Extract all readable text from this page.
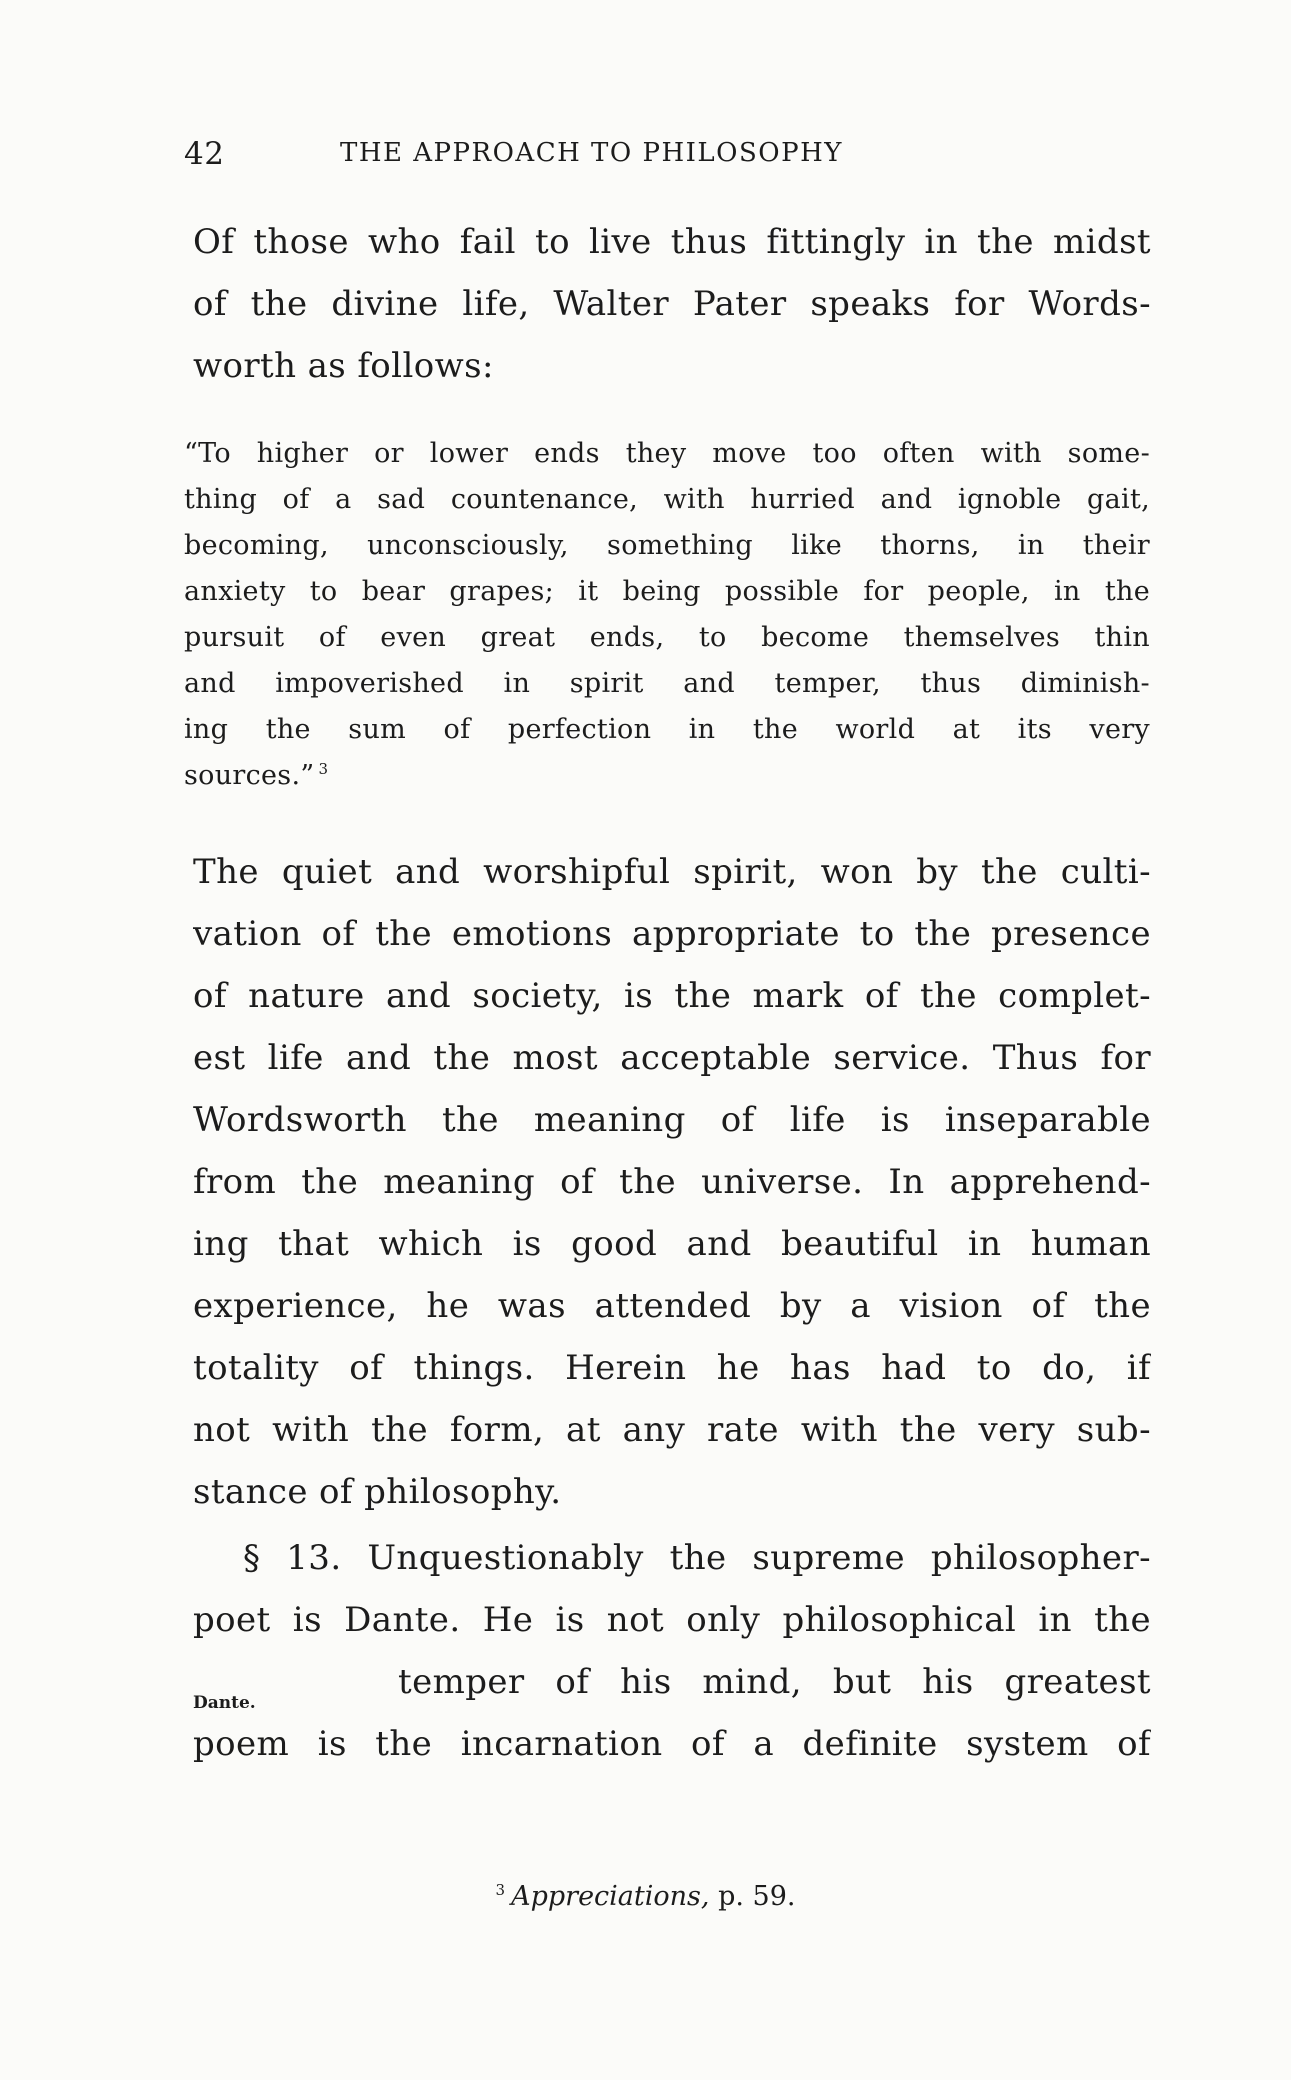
42	THE APPROACH TO PHILOSOPHY
Of those who fail to live thus fittingly in the midst
of the divine life, Walter Pater speaks for Words-
worth as follows:
“To higher or lower ends they move too often with some-
thing of a sad countenance, with hurried and ignoble gait,
becoming, unconsciously, something like thorns, in their
anxiety to bear grapes; it being possible for people, in the
pursuit of even great ends, to become themselves thin
and impoverished in spirit and temper, thus diminish-
ing the sum of perfection in the world at its very
sources.” $^3$
The quiet and worshipful spirit, won by the culti-
vation of the emotions appropriate to the presence
of nature and society, is the mark of the complet-
est life and the most acceptable service. Thus for
Wordsworth the meaning of life is inseparable
from the meaning of the universe. In apprehend-
ing that which is good and beautiful in human
experience, he was attended by a vision of the
totality of things. Herein he has had to do, if
not with the form, at any rate with the very sub-
stance of philosophy.
§ 13. Unquestionably the supreme philosopher-
poet is Dante. He is not only philosophical in the
temper of his mind, but his greatest
poem is the incarnation of a definite system of
Dante.
$^3$ Appreciations, p. 59.
